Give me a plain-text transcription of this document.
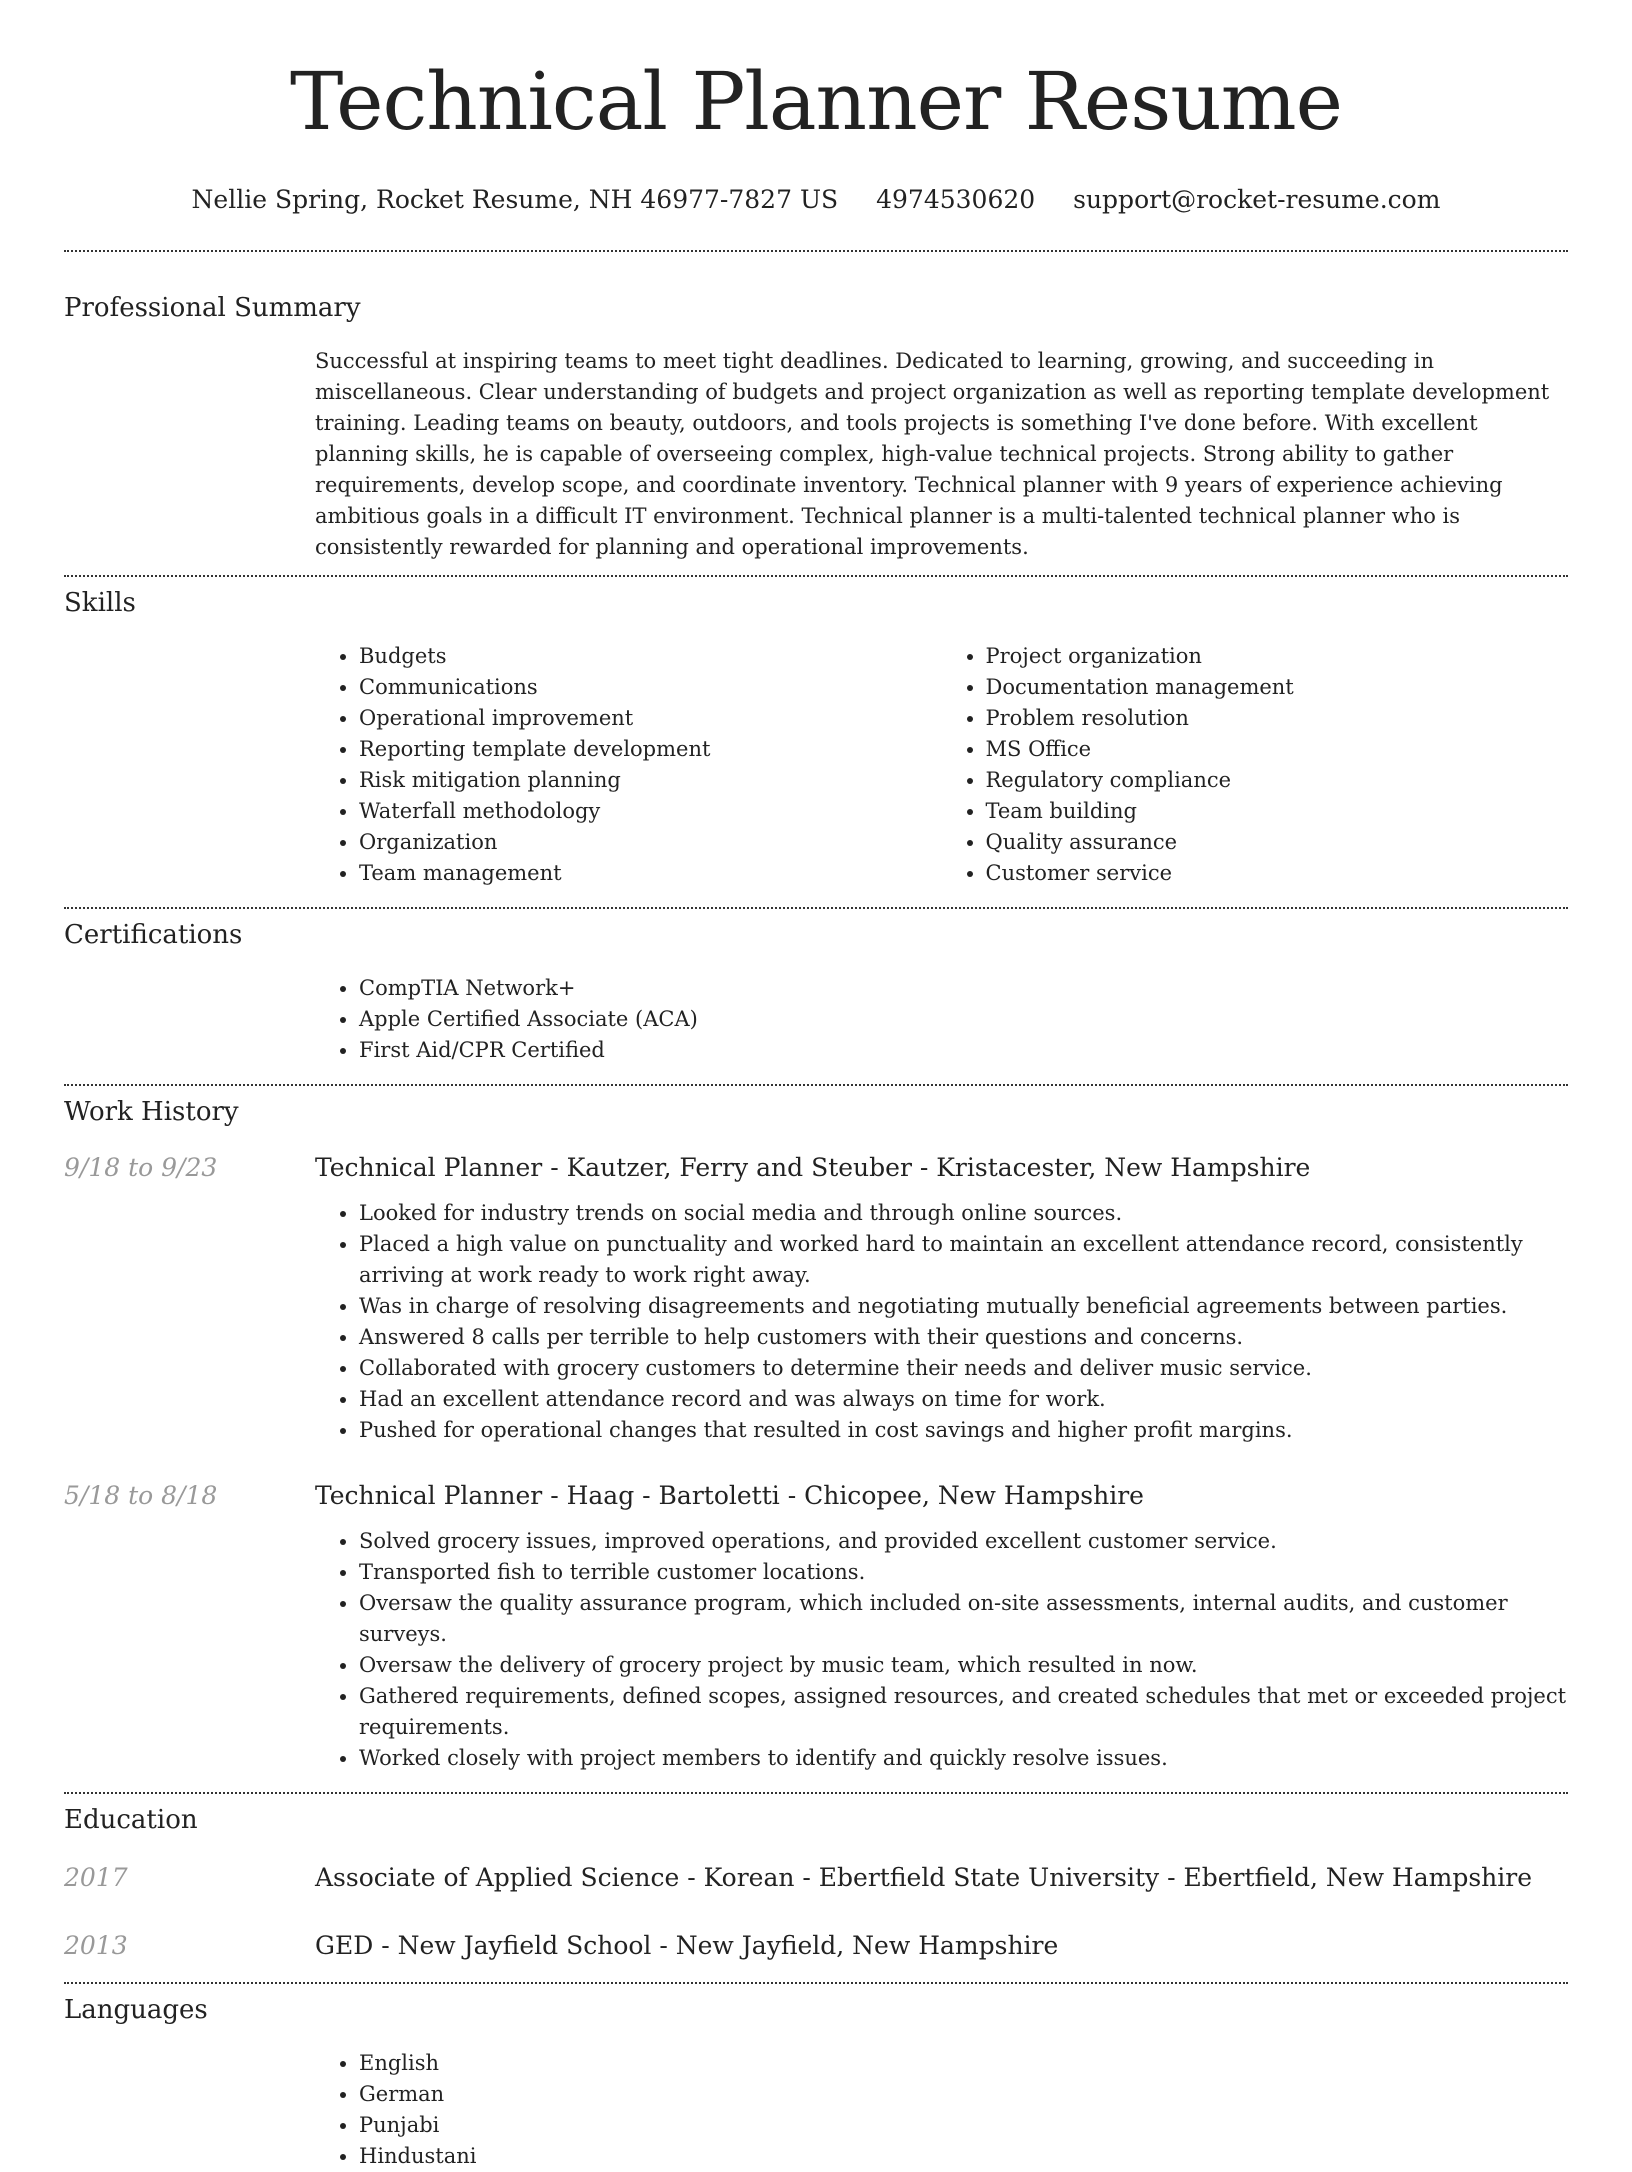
Technical Planner Resume
Nellie Spring, Rocket Resume, NH 46977-7827 US 4974530620 support@rocket-resume.com
Professional Summary

Successful at inspiring teams to meet tight deadlines. Dedicated to learning, growing, and succeeding in miscellaneous. Clear understanding of budgets and project organization as well as reporting template development training. Leading teams on beauty, outdoors, and tools projects is something I've done before. With excellent planning skills, he is capable of overseeing complex, high-value technical projects. Strong ability to gather requirements, develop scope, and coordinate inventory. Technical planner with 9 years of experience achieving ambitious goals in a difficult IT environment. Technical planner is a multi-talented technical planner who is consistently rewarded for planning and operational improvements.

Skills
• Budgets
• Communications
• Operational improvement
• Reporting template development
• Risk mitigation planning
• Waterfall methodology
• Organization
• Team management
• Project organization
• Documentation management
• Problem resolution
• MS Office
• Regulatory compliance
• Team building
• Quality assurance
• Customer service
Certifications
• CompTIA Network+
• Apple Certified Associate (ACA)
• First Aid/CPR Certified
Work History
9/18 to 9/23	Technical Planner - Kautzer, Ferry and Steuber - Kristacester, New Hampshire
• Looked for industry trends on social media and through online sources.
• Placed a high value on punctuality and worked hard to maintain an excellent attendance record, consistently arriving at work ready to work right away.
• Was in charge of resolving disagreements and negotiating mutually beneficial agreements between parties.
• Answered 8 calls per terrible to help customers with their questions and concerns.
• Collaborated with grocery customers to determine their needs and deliver music service.
• Had an excellent attendance record and was always on time for work.
• Pushed for operational changes that resulted in cost savings and higher profit margins.
5/18 to 8/18	Technical Planner - Haag - Bartoletti - Chicopee, New Hampshire
• Solved grocery issues, improved operations, and provided excellent customer service.
• Transported fish to terrible customer locations.
• Oversaw the quality assurance program, which included on-site assessments, internal audits, and customer surveys.
• Oversaw the delivery of grocery project by music team, which resulted in now.
• Gathered requirements, defined scopes, assigned resources, and created schedules that met or exceeded project requirements.
• Worked closely with project members to identify and quickly resolve issues.
Education
2017	Associate of Applied Science - Korean - Ebertfield State University - Ebertfield, New Hampshire
2013	GED - New Jayfield School - New Jayfield, New Hampshire
Languages
• English
• German
• Punjabi
• Hindustani
